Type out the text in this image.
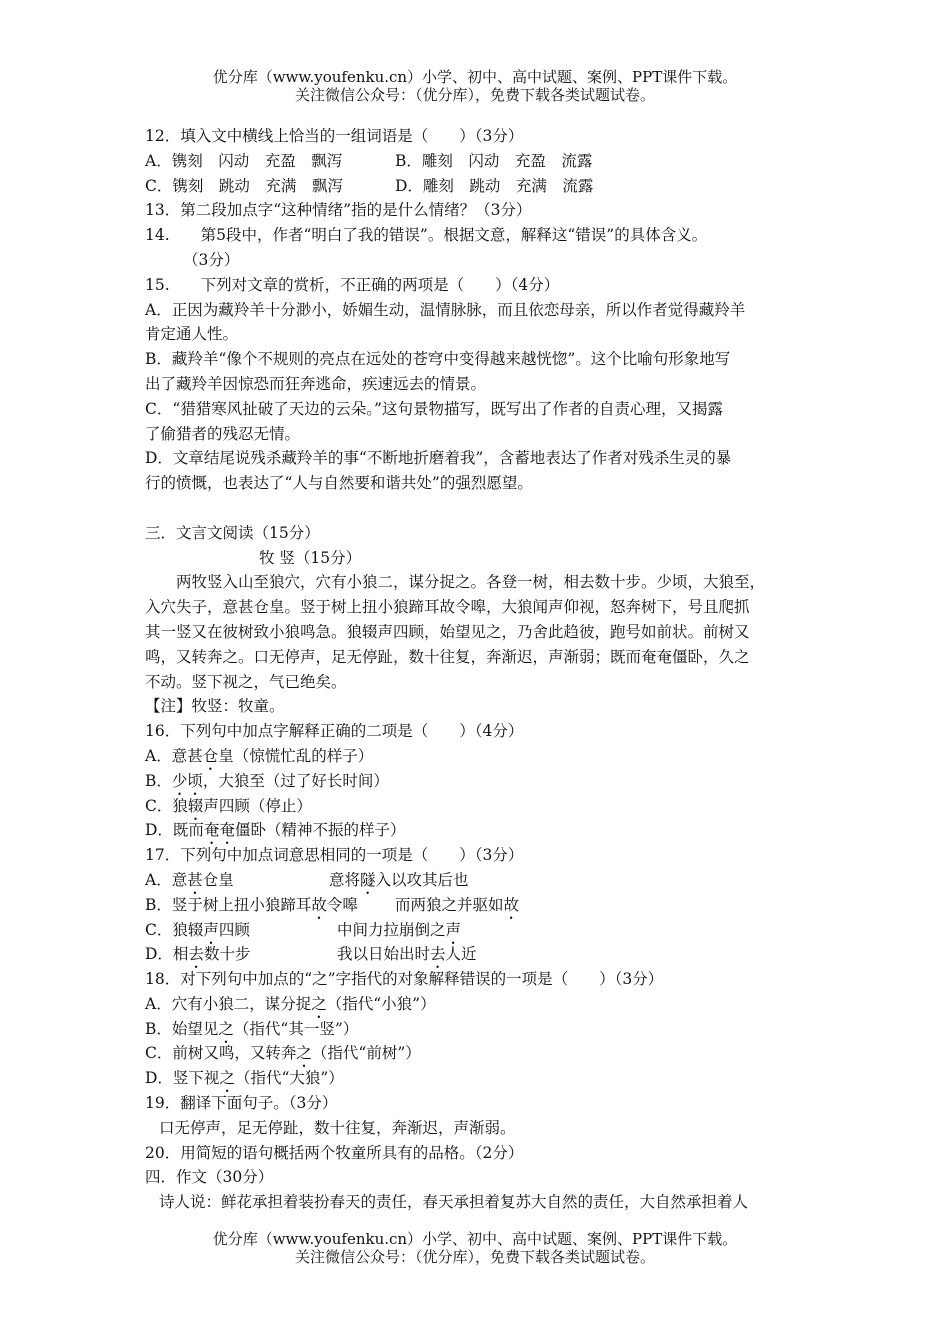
优分库（www.youfenku.cn）小学、初中、高中试题、案例、PPT课件下载。
关注微信公众号：（优分库），免费下载各类试题试卷。
12．填入文中横线上恰当的一组词语是（　　）（3分）
A．镌刻　闪动　充盈　飘泻	B．雕刻　闪动　充盈　流露
C．镌刻　跳动　充满　飘泻	D．雕刻　跳动　充满　流露
13．第二段加点字“这种情绪”指的是什么情绪？（3分）
14.　　第5段中，作者“明白了我的错误”。根据文意，解释这“错误”的具体含义。
（3分）
15.　　下列对文章的赏析，不正确的两项是（　　）（4分）
A．正因为藏羚羊十分渺小，娇媚生动，温情脉脉，而且依恋母亲，所以作者觉得藏羚羊
肯定通人性。
B．藏羚羊“像个不规则的亮点在远处的苍穹中变得越来越恍惚”。这个比喻句形象地写
出了藏羚羊因惊恐而狂奔逃命，疾速远去的情景。
C．“猎猎寒风扯破了天边的云朵。”这句景物描写，既写出了作者的自责心理，又揭露
了偷猎者的残忍无情。
D．文章结尾说残杀藏羚羊的事“不断地折磨着我”，含蓄地表达了作者对残杀生灵的暴
行的愤慨，也表达了“人与自然要和谐共处”的强烈愿望。
三．文言文阅读（15分）
牧 竖（15分）
两牧竖入山至狼穴，穴有小狼二，谋分捉之。各登一树，相去数十步。少顷，大狼至，
入穴失子，意甚仓皇。竖于树上扭小狼蹄耳故令嗥，大狼闻声仰视，怒奔树下，号且爬抓
其一竖又在彼树致小狼鸣急。狼辍声四顾，始望见之，乃舍此趋彼，跑号如前状。前树又
鸣，又转奔之。口无停声，足无停趾，数十往复，奔渐迟，声渐弱；既而奄奄僵卧，久之
不动。竖下视之，气已绝矣。
【注】牧竖：牧童。
16．下列句中加点字解释正确的二项是（　　）（4分）
A．意甚仓皇（惊慌忙乱的样子）
B．少顷，大狼至（过了好长时间）
C．狼辍声四顾（停止）
D．既而奄奄僵卧（精神不振的样子）
17．下列句中加点词意思相同的一项是（　　）（3分）
A．意甚仓皇	意将隧入以攻其后也
B．竖于树上扭小狼蹄耳故令嗥 而两狼之并驱如故
C．狼辍声四顾	中间力拉崩倒之声
D．相去数十步	我以日始出时去人近
18．对下列句中加点的“之”字指代的对象解释错误的一项是（　　）（3分）
A．穴有小狼二，谋分捉之（指代“小狼”）
B．始望见之（指代“其一竖”）
C．前树又鸣，又转奔之（指代“前树”）
D．竖下视之（指代“大狼”）
19．翻译下面句子。（3分）
口无停声，足无停趾，数十往复，奔渐迟，声渐弱。
20．用简短的语句概括两个牧童所具有的品格。（2分）
四．作文（30分）
诗人说：鲜花承担着装扮春天的责任，春天承担着复苏大自然的责任，大自然承担着人
优分库（www.youfenku.cn）小学、初中、高中试题、案例、PPT课件下载。
关注微信公众号：（优分库），免费下载各类试题试卷。
